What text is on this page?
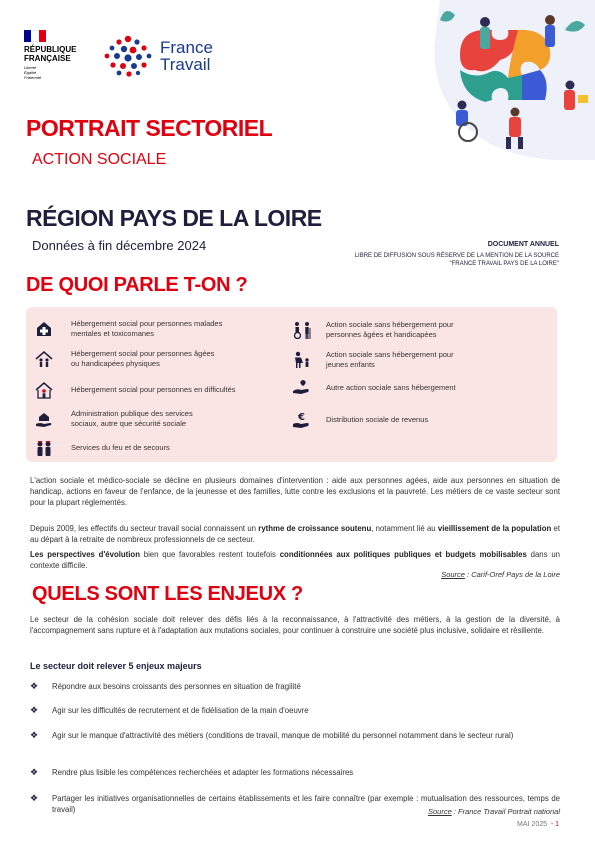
RÉPUBLIQUE
FRANÇAISE
Liberté
Égalité
Fraternité
France
Travail
PORTRAIT SECTORIEL
ACTION SOCIALE
RÉGION PAYS DE LA LOIRE
Données à fin décembre 2024	DOCUMENT ANNUEL
LIBRE DE DIFFUSION SOUS RÉSERVE DE LA MENTION DE LA SOURCE "FRANCE TRAVAIL PAYS DE LA LOIRE"
DE QUOI PARLE T-ON ?
Hébergement social pour personnes malades
mentales et toxicomanes
Hébergement social pour personnes âgées
ou handicapées physiques
Hébergement social pour personnes en difficultés
Administration publique des services
sociaux, autre que sécurité sociale
Services du feu et de secours
Action sociale sans hébergement pour
personnes âgées et handicapées
Action sociale sans hébergement pour
jeunes enfants
Autre action sociale sans hébergement
€	Distribution sociale de revenus
L'action sociale et médico-sociale se décline en plusieurs domaines d'intervention : aide aux personnes agées, aide aux personnes en situation de handicap, actions en faveur de l'enfance, de la jeunesse et des familles, lutte contre les exclusions et la pauvreté. Les métiers de ce vaste secteur sont pour la plupart réglementés.
Depuis 2009, les effectifs du secteur travail social connaissent un rythme de croissance soutenu, notamment lié au vieillissement de la population et au départ à la retraite de nombreux professionnels de ce secteur.
Les perspectives d'évolution bien que favorables restent toutefois conditionnées aux politiques publiques et budgets mobilisables dans un contexte difficile.
Source : Carif-Oref Pays de la Loire
QUELS SONT LES ENJEUX ?
Le secteur de la cohésion sociale doit relever des défis liés à la reconnaissance, à l'attractivité des métiers, à la gestion de la diversité, à l'accompagnement sans rupture et à l'adaptation aux mutations sociales, pour continuer à construire une société plus inclusive, solidaire et résiliente.
Le secteur doit relever 5 enjeux majeurs
❖	Répondre aux besoins croissants des personnes en situation de fragilité
❖	Agir sur les difficultés de recrutement et de fidélisation de la main d'oeuvre
❖	Agir sur le manque d'attractivité des métiers (conditions de travail, manque de mobilité du personnel notamment dans le secteur rural)
❖	Rendre plus lisible les compétences recherchées et adapter les formations nécessaires
❖	Partager les initiatives organisationnelles de certains établissements et les faire connaître (par exemple : mutualisation des ressources, temps de travail)	Source : France Travail Portrait national
MAI 2025 - 1
